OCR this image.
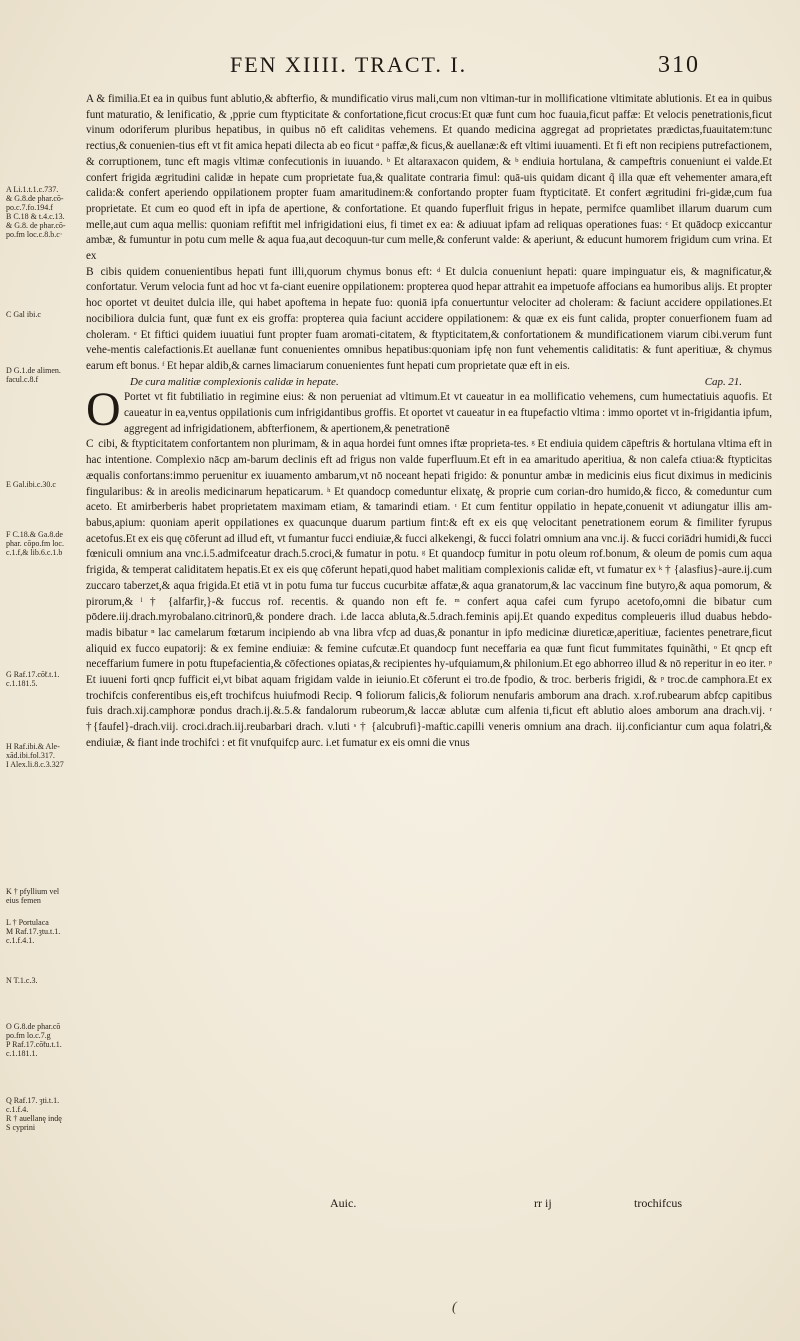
FEN XIIII. TRACT. I.	310
A Li.1.t.1.c.737.
& G.8.de phar.cō-
po.c.7.fo.194.f
B C.18 & t.4.c.13.
& G.8. de phar.cō-
po.fm loc.c.8.b.c·
C Gal ibi.c
D G.1.de alimen.
facul.c.8.f
E Gal.ibi.c.30.c
F C.18.& Ga.8.de
phar. cōpo.fm loc.
c.1.f,& lib.6.c.1.b
G Raf.17.cō̃t.t.1.
c.1.181.5.
H Raf.ibi.& Ale-
xād.ibi.fol.317.
I Alex.li.8.c.3.327
K † pfyllium vel
eius femen
L † Portulaca
M Raf.17.ȝtu.t.1.
c.1.f.4.1.
N T.1.c.3.
O G.8.de phar.cō
po.fm lo.c.7.g
P Raf.17.cō̃tu.t.1.
c.1.181.1.
Q Raf.17. ȝti.t.1.
c.1.f.4.
R † auellanę indę
S cyprini

A & fimilia.Et ea in quibus funt ablutio,& abfterfio, & mundificatio virus mali,cum non vltiman-tur in mollificatione vltimitate ablutionis. Et ea in quibus funt maturatio, & lenificatio, & ,pprie cum ftypticitate & confortatione,ficut crocus:Et quæ funt cum hoc fuauia,ficut paffæ: Et velocis penetrationis,ficut vinum odoriferum pluribus hepatibus, in quibus nō eft caliditas vehemens. Et quando medicina aggregat ad proprietates prædictas,fuauitatem:tunc rectius,& conuenien-tius eft vt fit amica hepati dilecta ab eo ficut ᵃ paffæ,& ficus,& auellanæ:& eft vltimi iuuamenti. Et fi eft non recipiens putrefactionem, & corruptionem, tunc eft magis vltimæ confecutionis in iuuando. ᵇ Et altaraxacon quidem, & ᵇ endiuia hortulana, & campeftris conueniunt ei valde.Et confert frigida ægritudini calidæ in hepate cum proprietate fua,& qualitate contraria fimul: quā-uis quidam dicant q̃ illa quæ eft vehementer amara,eft calida:& confert aperiendo oppilationem propter fuam amaritudinem:& confortando propter fuam ftypticitatē. Et confert ægritudini fri-gidæ,cum fua proprietate. Et cum eo quod eft in ipfa de apertione, & confortatione. Et quando fuperfluit frigus in hepate, permifce quamlibet illarum duarum cum melle,aut cum aqua mellis: quoniam refiftit mel infrigidationi eius, fi timet ex ea: & adiuuat ipfam ad reliquas operationes fuas: ᶜ Et quādocp exiccantur ambæ, & fumuntur in potu cum melle & aqua fua,aut decoquun-tur cum melle,& conferunt valde: & aperiunt, & educunt humorem frigidum cum vrina. Et ex

B cibis quidem conuenientibus hepati funt illi,quorum chymus bonus eft: ᵈ Et dulcia conueniunt hepati: quare impinguatur eis, & magnificatur,& confortatur. Verum velocia funt ad hoc vt fa-ciant euenire oppilationem: propterea quod hepar attrahit ea impetuofe affocians ea humoribus alijs. Et propter hoc oportet vt deuitet dulcia ille, qui habet apoftema in hepate fuo: quoniā ipfa conuertuntur velociter ad choleram: & faciunt accidere oppilationes.Et nocibiliora dulcia funt, quæ funt ex eis groffa: propterea quia faciunt accidere oppilationem: & quæ ex eis funt calida, propter conuerfionem fuam ad choleram. ᵉ Et fiftici quidem iuuatiui funt propter fuam aromati-citatem, & ftypticitatem,& confortationem & mundificationem viarum cibi.verum funt vehe-mentis calefactionis.Et auellanæ funt conuenientes omnibus hepatibus:quoniam ipfę non funt vehementis caliditatis: & funt aperitiuæ, & chymus earum eft bonus. ᶠ Et hepar aldib,& carnes limaciarum conuenientes funt hepati cum proprietate quæ eft in eis.

De cura malitiæ complexionis calidæ in hepate.	Cap. 21.
O Portet vt fit fubtiliatio in regimine eius: & non perueniat ad vltimum.Et vt caueatur in ea mollificatio vehemens, cum humectatiuis aquofis. Et caueatur in ea,ventus oppilationis cum infrigidantibus groffis. Et oportet vt caueatur in ea ftupefactio vltima : immo oportet vt in-frigidantia ipfum, aggregent ad infrigidationem, abfterfionem, & apertionem,& penetrationē

C cibi, & ftypticitatem confortantem non plurimam, & in aqua hordei funt omnes iftæ proprieta-tes. ᵍ Et endiuia quidem cāpeftris & hortulana vltima eft in hac intentione. Complexio nācp am-barum declinis eft ad frigus non valde fuperfluum.Et eft in ea amaritudo aperitiua, & non calefa ctiua:& ftypticitas æqualis confortans:immo peruenitur ex iuuamento ambarum,vt nō noceant hepati frigido: & ponuntur ambæ in medicinis eius ficut diximus in medicinis fingularibus: & in areolis medicinarum hepaticarum. ʰ Et quandocp comeduntur elixatę, & proprie cum corian-dro humido,& ficco, & comeduntur cum aceto. Et amirberberis habet proprietatem maximam etiam, & tamarindi etiam. ᶦ Et cum fentitur oppilatio in hepate,conuenit vt adiungatur illis am-babus,apium: quoniam aperit oppilationes ex quacunque duarum partium fint:& eft ex eis quę velocitant penetrationem eorum & fimiliter fyrupus acetofus.Et ex eis quę cōferunt ad illud eft, vt fumantur fucci endiuiæ,& fucci alkekengi, & fucci folatri omnium ana vnc.ij. & fucci coriādri humidi,& fucci fœniculi omnium ana vnc.i.5.admifceatur drach.5.croci,& fumatur in potu. ᵍ Et quandocp fumitur in potu oleum rof.bonum, & oleum de pomis cum aqua frigida, & temperat caliditatem hepatis.Et ex eis quę cōferunt hepati,quod habet malitiam complexionis calidæ eft, vt fumatur ex ᵏ † {alasfius}-aure.ij.cum zuccaro taberzet,& aqua frigida.Et etiā vt in potu fuma tur fuccus cucurbitæ affatæ,& aqua granatorum,& lac vaccinum fine butyro,& aqua pomorum, & pirorum,& ˡ † {alfarfir,}-& fuccus rof. recentis. & quando non eft fe. ᵐ confert aqua cafei cum fyrupo acetofo,omni die bibatur cum pōdere.iij.drach.myrobalano.citrinorū,& pondere drach. i.de lacca abluta,&.5.drach.feminis apij.Et quando expeditus compleueris illud duabus hebdo-madis bibatur ⁿ lac camelarum fœtarum incipiendo ab vna libra vfcp ad duas,& ponantur in ipfo medicinæ diureticæ,aperitiuæ, facientes penetrare,ficut aliquid ex fucco eupatorij: & ex femine endiuiæ: & femine cufcutæ.Et quandocp funt neceffaria ea quæ funt ficut fummitates fquinãthi, ᵒ Et qncp eft neceffarium fumere in potu ftupefacientia,& cōfectiones opiatas,& recipientes hy-ufquiamum,& philonium.Et ego abhorreo illud & nō reperitur in eo iter. ᵖ Et iuueni forti qncp fufficit ei,vt bibat aquam frigidam valde in ieiunio.Et cōferunt ei tro.de fpodio, & troc. berberis frigidi, & ᵖ troc.de camphora.Et ex trochifcis conferentibus eis,eft trochifcus huiufmodi Recip. ᑫ foliorum falicis,& foliorum nenufaris amborum ana drach. x.rof.rubearum abfcp capitibus fuis drach.xij.camphoræ pondus drach.ij.&.5.& fandalorum rubeorum,& laccæ ablutæ cum alfenia ti,ficut eft ablutio aloes amborum ana drach.vij. ʳ †{faufel}-drach.viij. croci.drach.iij.reubarbari drach. v.luti ˢ † {alcubrufi}-maftic.capilli veneris omnium ana drach. iij.conficiantur cum aqua folatri,& endiuiæ, & fiant inde trochifci : et fit vnufquifcp aurc. i.et fumatur ex eis omni die vnus

Auic.	rr ij	trochifcus
(
